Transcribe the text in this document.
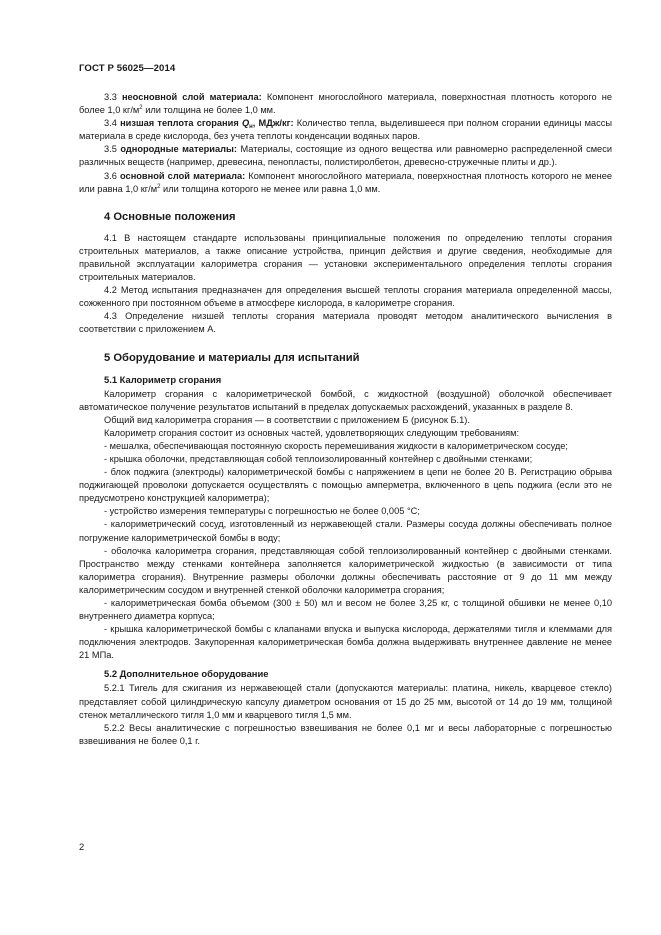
ГОСТ Р 56025—2014

3.3 неосновной слой материала: Компонент многослойного материала, поверхностная плотность которого не более 1,0 $кг/м^2$ или толщина не более 1,0 мм.

3.4 низшая теплота сгорания $Q_н$, МДж/кг: Количество тепла, выделившееся при полном сгорании единицы массы материала в среде кислорода, без учета теплоты конденсации водяных паров.

3.5 однородные материалы: Материалы, состоящие из одного вещества или равномерно распределенной смеси различных веществ (например, древесина, пенопласты, полистиролбетон, древесно-стружечные плиты и др.).

3.6 основной слой материала: Компонент многослойного материала, поверхностная плотность которого не менее или равна 1,0 $кг/м^2$ или толщина которого не менее или равна 1,0 мм.

4 Основные положения

4.1 В настоящем стандарте использованы принципиальные положения по определению теплоты сгорания строительных материалов, а также описание устройства, принцип действия и другие сведения, необходимые для правильной эксплуатации калориметра сгорания — установки экспериментального определения теплоты сгорания строительных материалов.

4.2 Метод испытания предназначен для определения высшей теплоты сгорания материала определенной массы, сожженного при постоянном объеме в атмосфере кислорода, в калориметре сгорания.

4.3 Определение низшей теплоты сгорания материала проводят методом аналитического вычисления в соответствии с приложением А.

5 Оборудование и материалы для испытаний
5.1 Калориметр сгорания

Калориметр сгорания с калориметрической бомбой, с жидкостной (воздушной) оболочкой обеспечивает автоматическое получение результатов испытаний в пределах допускаемых расхождений, указанных в разделе 8.

Общий вид калориметра сгорания — в соответствии с приложением Б (рисунок Б.1).

Калориметр сгорания состоит из основных частей, удовлетворяющих следующим требованиям:

- мешалка, обеспечивающая постоянную скорость перемешивания жидкости в калориметрическом сосуде;

- крышка оболочки, представляющая собой теплоизолированный контейнер с двойными стенками;

- блок поджига (электроды) калориметрической бомбы с напряжением в цепи не более 20 В. Регистрацию обрыва поджигающей проволоки допускается осуществлять с помощью амперметра, включенного в цепь поджига (если это не предусмотрено конструкцией калориметра);

- устройство измерения температуры с погрешностью не более 0,005 °С;

- калориметрический сосуд, изготовленный из нержавеющей стали. Размеры сосуда должны обеспечивать полное погружение калориметрической бомбы в воду;

- оболочка калориметра сгорания, представляющая собой теплоизолированный контейнер с двойными стенками. Пространство между стенками контейнера заполняется калориметрической жидкостью (в зависимости от типа калориметра сгорания). Внутренние размеры оболочки должны обеспечивать расстояние от 9 до 11 мм между калориметрическим сосудом и внутренней стенкой оболочки калориметра сгорания;

- калориметрическая бомба объемом (300 ± 50) мл и весом не более 3,25 кг, с толщиной обшивки не менее 0,10 внутреннего диаметра корпуса;

- крышка калориметрической бомбы с клапанами впуска и выпуска кислорода, держателями тигля и клеммами для подключения электродов. Закупоренная калориметрическая бомба должна выдерживать внутреннее давление не менее 21 МПа.

5.2 Дополнительное оборудование

5.2.1 Тигель для сжигания из нержавеющей стали (допускаются материалы: платина, никель, кварцевое стекло) представляет собой цилиндрическую капсулу диаметром основания от 15 до 25 мм, высотой от 14 до 19 мм, толщиной стенок металлического тигля 1,0 мм и кварцевого тигля 1,5 мм.

5.2.2 Весы аналитические с погрешностью взвешивания не более 0,1 мг и весы лабораторные с погрешностью взвешивания не более 0,1 г.

2
